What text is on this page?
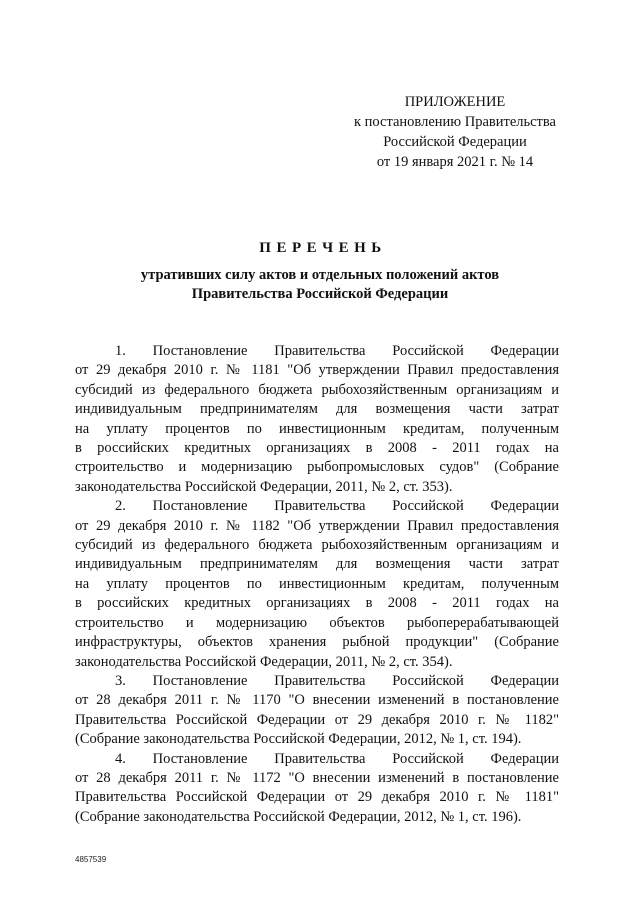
ПРИЛОЖЕНИЕ
к постановлению Правительства
Российской Федерации
от 19 января 2021 г. № 14
ПЕРЕЧЕНЬ
утративших силу актов и отдельных положений актов
Правительства Российской Федерации
1. Постановление Правительства Российской Федерации
от 29 декабря 2010 г. № 1181 "Об утверждении Правил предоставления
субсидий из федерального бюджета рыбохозяйственным организациям и
индивидуальным предпринимателям для возмещения части затрат
на уплату процентов по инвестиционным кредитам, полученным
в российских кредитных организациях в 2008 - 2011 годах на
строительство и модернизацию рыбопромысловых судов" (Собрание
законодательства Российской Федерации, 2011, № 2, ст. 353).
2. Постановление Правительства Российской Федерации
от 29 декабря 2010 г. № 1182 "Об утверждении Правил предоставления
субсидий из федерального бюджета рыбохозяйственным организациям и
индивидуальным предпринимателям для возмещения части затрат
на уплату процентов по инвестиционным кредитам, полученным
в российских кредитных организациях в 2008 - 2011 годах на
строительство и модернизацию объектов рыбоперерабатывающей
инфраструктуры, объектов хранения рыбной продукции" (Собрание
законодательства Российской Федерации, 2011, № 2, ст. 354).
3. Постановление Правительства Российской Федерации
от 28 декабря 2011 г. № 1170 "О внесении изменений в постановление
Правительства Российской Федерации от 29 декабря 2010 г. № 1182"
(Собрание законодательства Российской Федерации, 2012, № 1, ст. 194).
4. Постановление Правительства Российской Федерации
от 28 декабря 2011 г. № 1172 "О внесении изменений в постановление
Правительства Российской Федерации от 29 декабря 2010 г. № 1181"
(Собрание законодательства Российской Федерации, 2012, № 1, ст. 196).
4857539
